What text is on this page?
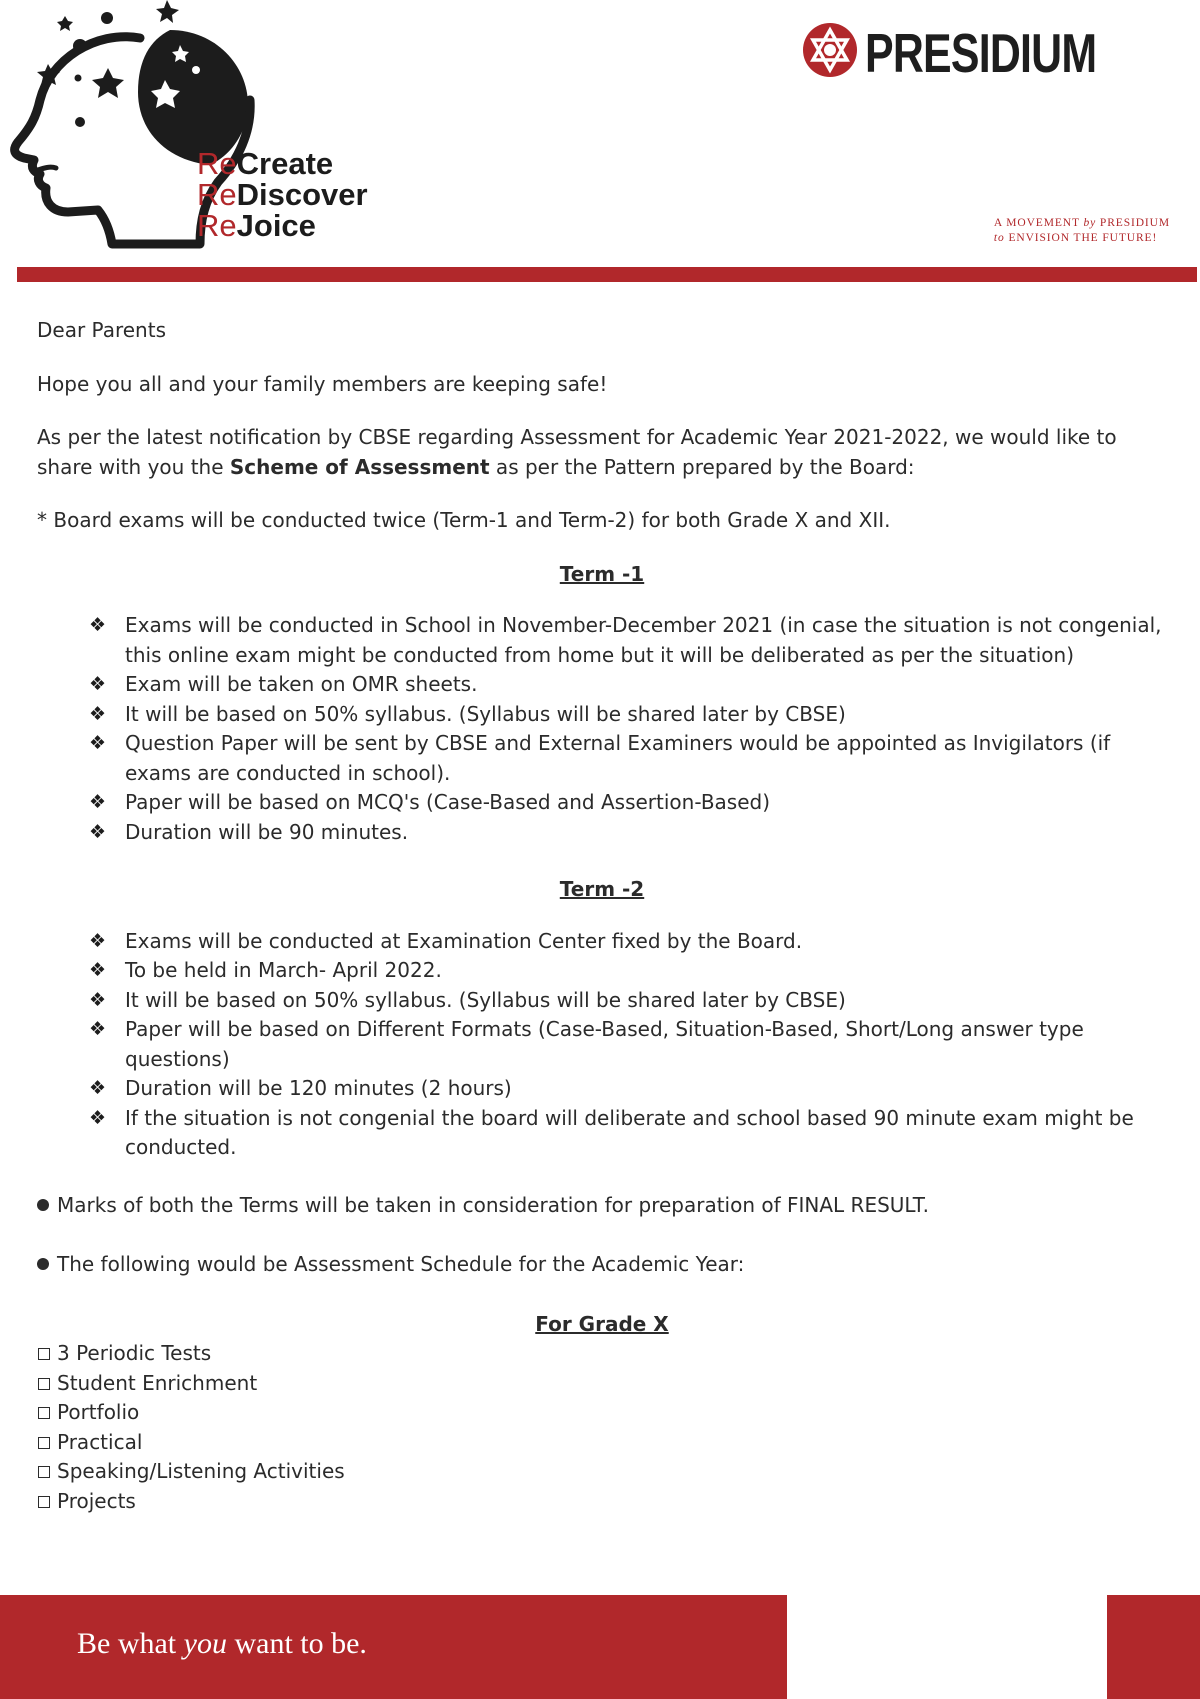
ReCreate
ReDiscover
ReJoice	A MOVEMENT by PRESIDIUM
to ENVISION THE FUTURE!

Dear Parents

Hope you all and your family members are keeping safe!

As per the latest notification by CBSE regarding Assessment for Academic Year 2021-2022, we would like to share with you the Scheme of Assessment as per the Pattern prepared by the Board:

* Board exams will be conducted twice (Term-1 and Term-2) for both Grade X and XII.

Term -1
❖ Exams will be conducted in School in November-December 2021 (in case the situation is not congenial, this online exam might be conducted from home but it will be deliberated as per the situation)
❖ Exam will be taken on OMR sheets.
❖ It will be based on 50% syllabus. (Syllabus will be shared later by CBSE)
❖ Question Paper will be sent by CBSE and External Examiners would be appointed as Invigilators (if exams are conducted in school).
❖ Paper will be based on MCQ's (Case-Based and Assertion-Based)
❖ Duration will be 90 minutes.
Term -2
❖ Exams will be conducted at Examination Center fixed by the Board.
❖ To be held in March- April 2022.
❖ It will be based on 50% syllabus. (Syllabus will be shared later by CBSE)
❖ Paper will be based on Different Formats (Case-Based, Situation-Based, Short/Long answer type questions)
❖ Duration will be 120 minutes (2 hours)
❖ If the situation is not congenial the board will deliberate and school based 90 minute exam might be conducted.
Marks of both the Terms will be taken in consideration for preparation of FINAL RESULT.
The following would be Assessment Schedule for the Academic Year:
For Grade X
3 Periodic Tests
Student Enrichment
Portfolio
Practical
Speaking/Listening Activities
Projects
Be what you want to be.
PRESIDIUM
